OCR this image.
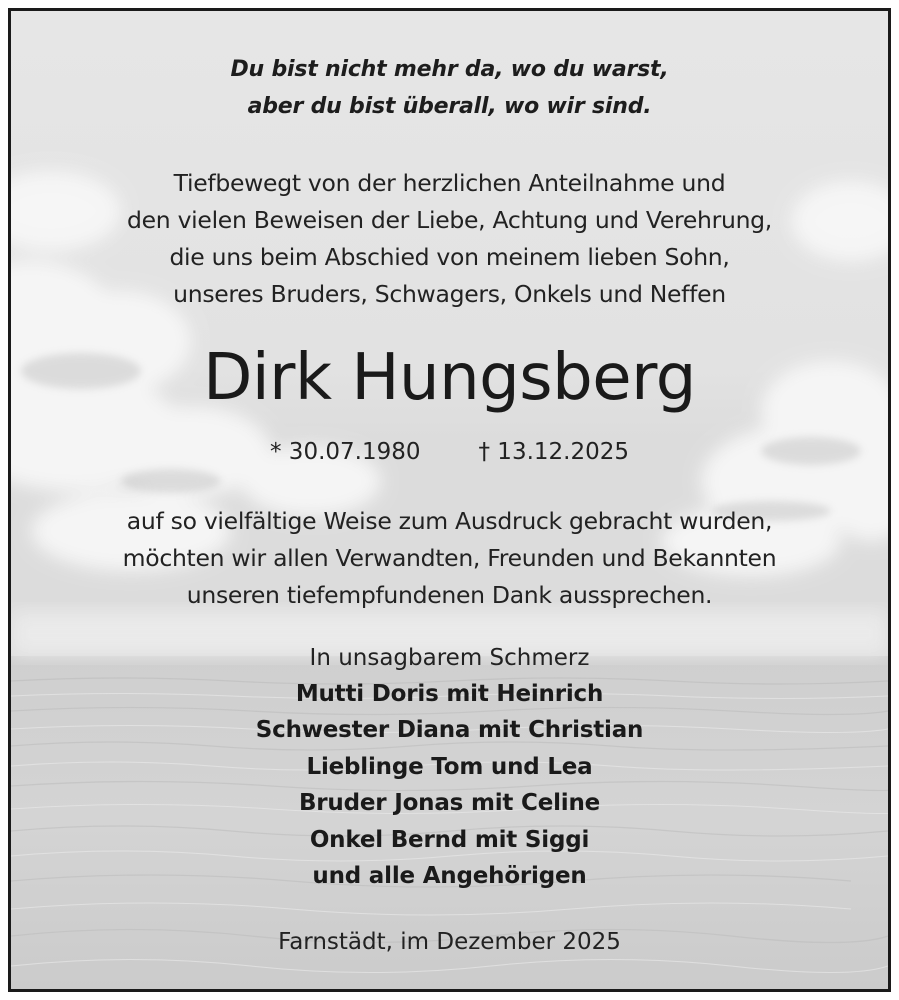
Du bist nicht mehr da, wo du warst,
aber du bist überall, wo wir sind.
Tiefbewegt von der herzlichen Anteilnahme und
den vielen Beweisen der Liebe, Achtung und Verehrung,
die uns beim Abschied von meinem lieben Sohn,
unseres Bruders, Schwagers, Onkels und Neffen
Dirk Hungsberg
* 30.07.1980	† 13.12.2025
auf so vielfältige Weise zum Ausdruck gebracht wurden,
möchten wir allen Verwandten, Freunden und Bekannten
unseren tiefempfundenen Dank aussprechen.
In unsagbarem Schmerz
Mutti Doris mit Heinrich
Schwester Diana mit Christian
Lieblinge Tom und Lea
Bruder Jonas mit Celine
Onkel Bernd mit Siggi
und alle Angehörigen
Farnstädt, im Dezember 2025
